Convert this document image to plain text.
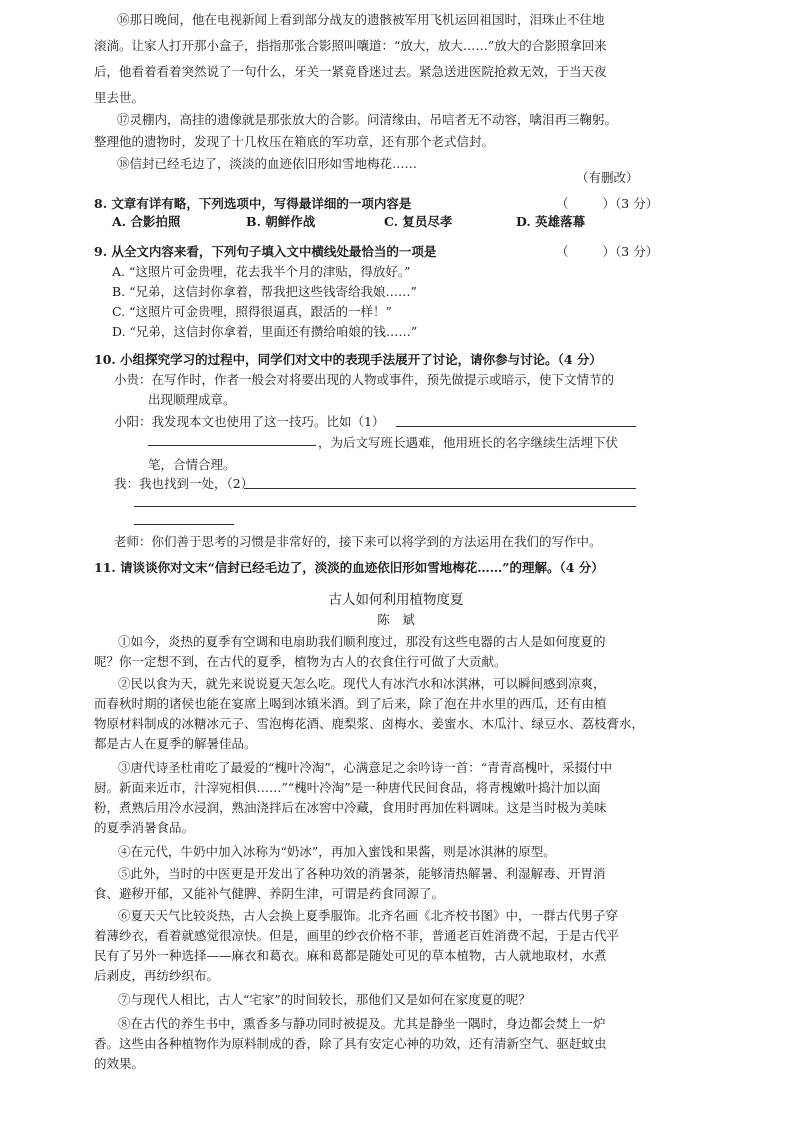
⑯那日晚间，他在电视新闻上看到部分战友的遗骸被军用飞机运回祖国时，泪珠止不住地
滚淌。让家人打开那小盒子，指指那张合影照叫嚷道：“放大，放大……”放大的合影照拿回来
后，他看着看着突然说了一句什么，牙关一紧竟昏迷过去。紧急送进医院抢救无效，于当天夜
里去世。
⑰灵棚内，高挂的遗像就是那张放大的合影。问清缘由，吊唁者无不动容，噙泪再三鞠躬。
整理他的遗物时，发现了十几枚压在箱底的军功章，还有那个老式信封。
⑱信封已经毛边了，淡淡的血迹依旧形如雪地梅花……
（有删改）
8. 文章有详有略，下列选项中，写得最详细的一项内容是	（	）（3 分）
A. 合影拍照	B. 朝鲜作战	C. 复员尽孝	D. 英雄落幕
9. 从全文内容来看，下列句子填入文中横线处最恰当的一项是	（	）（3 分）
A. “这照片可金贵哩，花去我半个月的津贴，得放好。”
B. “兄弟，这信封你拿着，帮我把这些钱寄给我娘……”
C. “这照片可金贵哩，照得很逼真，跟活的一样！”
D. “兄弟，这信封你拿着，里面还有攒给咱娘的钱……”
10. 小组探究学习的过程中，同学们对文中的表现手法展开了讨论，请你参与讨论。（4 分）
小贵：在写作时，作者一般会对将要出现的人物或事件，预先做提示或暗示，使下文情节的
出现顺理成章。
小阳：我发现本文也使用了这一技巧。比如（1）
，为后文写班长遇难，他用班长的名字继续生活埋下伏
笔，合情合理。
我：我也找到一处，（2）
老师：你们善于思考的习惯是非常好的，接下来可以将学到的方法运用在我们的写作中。
11. 请谈谈你对文末“信封已经毛边了，淡淡的血迹依旧形如雪地梅花……”的理解。（4 分）
古人如何利用植物度夏
陈　斌
①如今，炎热的夏季有空调和电扇助我们顺利度过，那没有这些电器的古人是如何度夏的
呢？你一定想不到，在古代的夏季，植物为古人的衣食住行可做了大贡献。
②民以食为天，就先来说说夏天怎么吃。现代人有冰汽水和冰淇淋，可以瞬间感到凉爽，
而春秋时期的诸侯也能在宴席上喝到冰镇米酒。到了后来，除了泡在井水里的西瓜，还有由植
物原材料制成的冰糖冰元子、雪泡梅花酒、鹿梨浆、卤梅水、姜蜜水、木瓜汁、绿豆水、荔枝膏水，
都是古人在夏季的解暑佳品。
③唐代诗圣杜甫吃了最爱的“槐叶冷淘”，心满意足之余吟诗一首：“青青高槐叶，采掇付中
厨。新面来近市，汁滓宛相俱……”“槐叶冷淘”是一种唐代民间食品，将青槐嫩叶捣汁加以面
粉，煮熟后用冷水浸润，熟油浇拌后在冰窖中冷藏，食用时再加佐料调味。这是当时极为美味
的夏季消暑食品。
④在元代，牛奶中加入冰称为“奶冰”，再加入蜜饯和果酱，则是冰淇淋的原型。
⑤此外，当时的中医更是开发出了各种功效的消暑茶，能够清热解暑、利湿解毒、开胃消
食、避秽开郁，又能补气健脾、养阴生津，可谓是药食同源了。
⑥夏天天气比较炎热，古人会换上夏季服饰。北齐名画《北齐校书图》中，一群古代男子穿
着薄纱衣，看着就感觉很凉快。但是，画里的纱衣价格不菲，普通老百姓消费不起，于是古代平
民有了另外一种选择——麻衣和葛衣。麻和葛都是随处可见的草本植物，古人就地取材，水煮
后剥皮，再纺纱织布。
⑦与现代人相比，古人“宅家”的时间较长，那他们又是如何在家度夏的呢？
⑧在古代的养生书中，熏香多与静功同时被提及。尤其是静坐一隅时，身边都会焚上一炉
香。这些由各种植物作为原料制成的香，除了具有安定心神的功效，还有清新空气、驱赶蚊虫
的效果。
